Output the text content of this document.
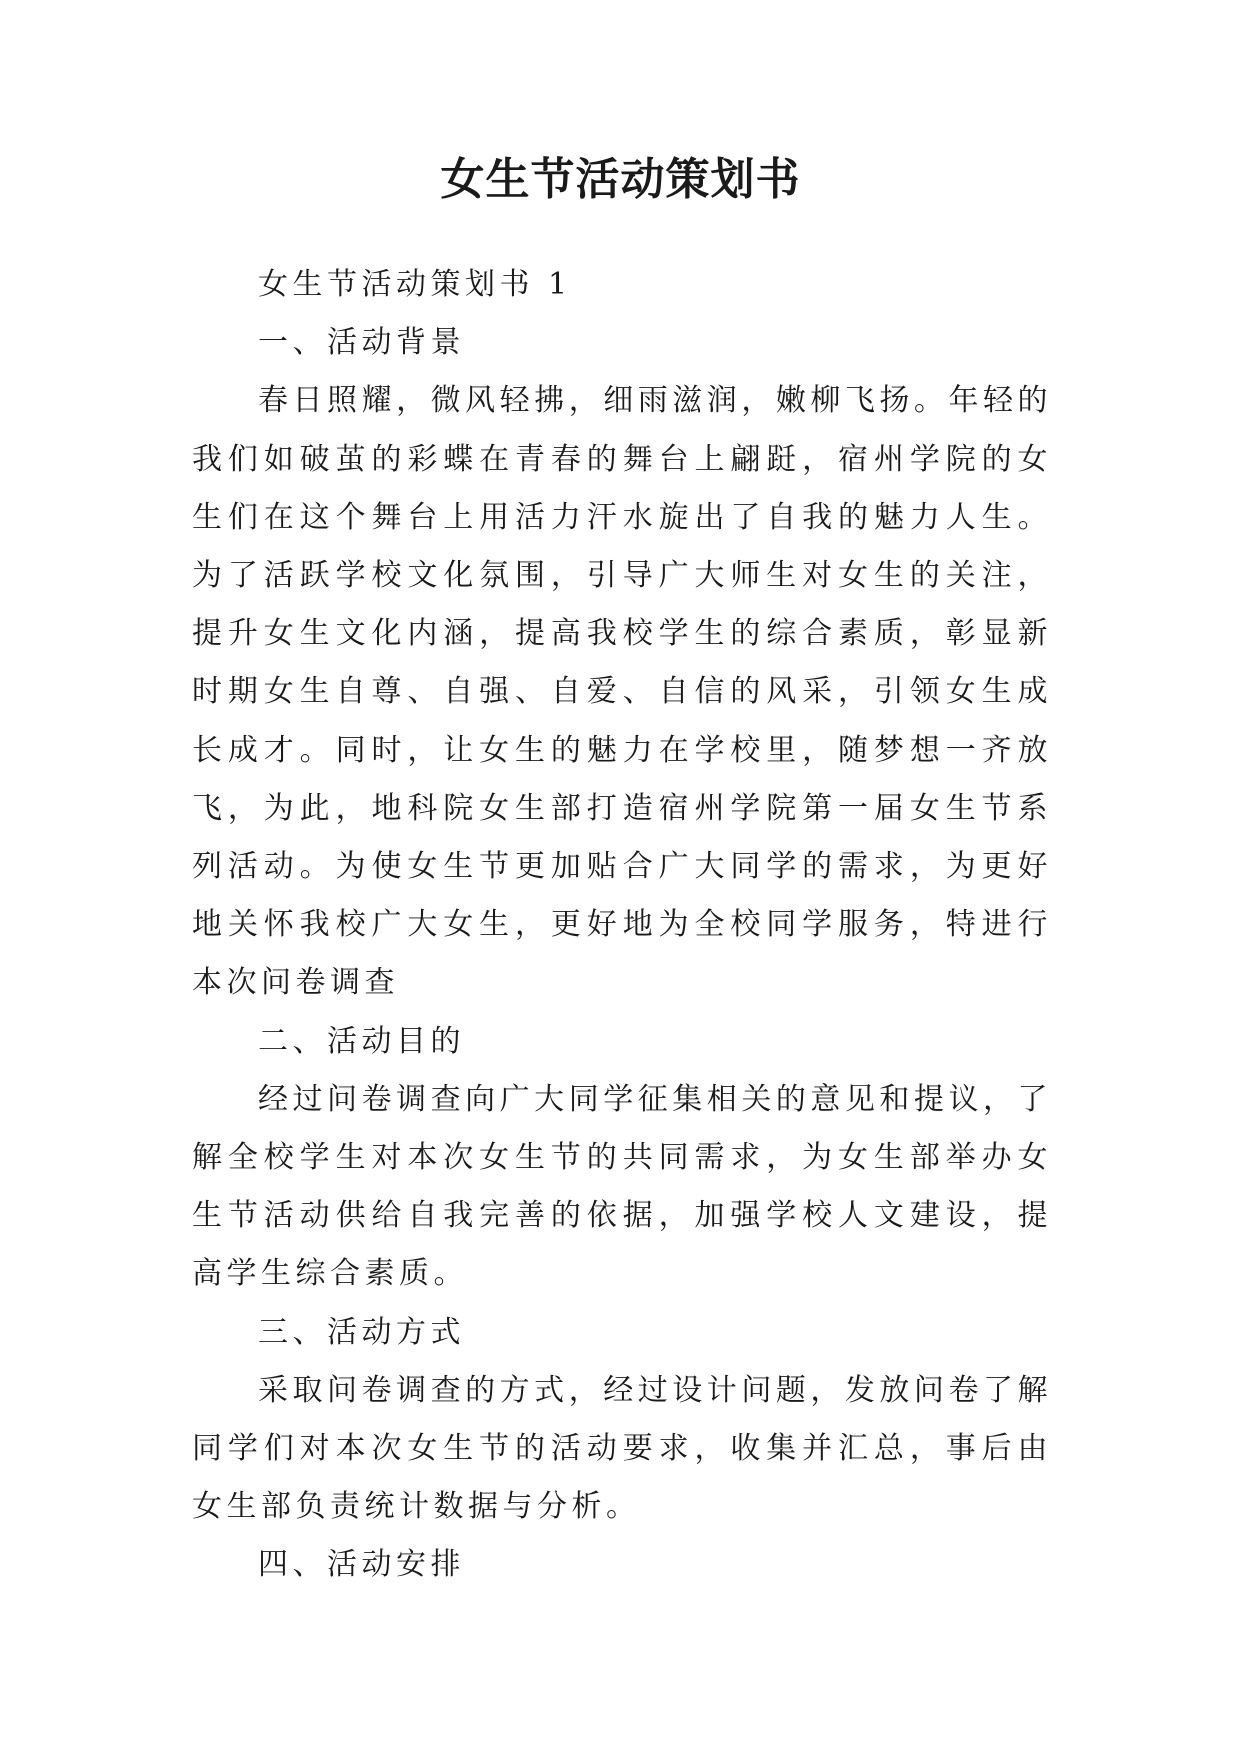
女生节活动策划书

女生节活动策划书 1

一、活动背景

春日照耀，微风轻拂，细雨滋润，嫩柳飞扬。年轻的我们如破茧的彩蝶在青春的舞台上翩跹，宿州学院的女生们在这个舞台上用活力汗水旋出了自我的魅力人生。为了活跃学校文化氛围，引导广大师生对女生的关注，提升女生文化内涵，提高我校学生的综合素质，彰显新时期女生自尊、自强、自爱、自信的风采，引领女生成长成才。同时，让女生的魅力在学校里，随梦想一齐放飞，为此，地科院女生部打造宿州学院第一届女生节系列活动。为使女生节更加贴合广大同学的需求，为更好地关怀我校广大女生，更好地为全校同学服务，特进行本次问卷调查

二、活动目的

经过问卷调查向广大同学征集相关的意见和提议，了解全校学生对本次女生节的共同需求，为女生部举办女生节活动供给自我完善的依据，加强学校人文建设，提高学生综合素质。

三、活动方式

采取问卷调查的方式，经过设计问题，发放问卷了解同学们对本次女生节的活动要求，收集并汇总，事后由女生部负责统计数据与分析。

四、活动安排
